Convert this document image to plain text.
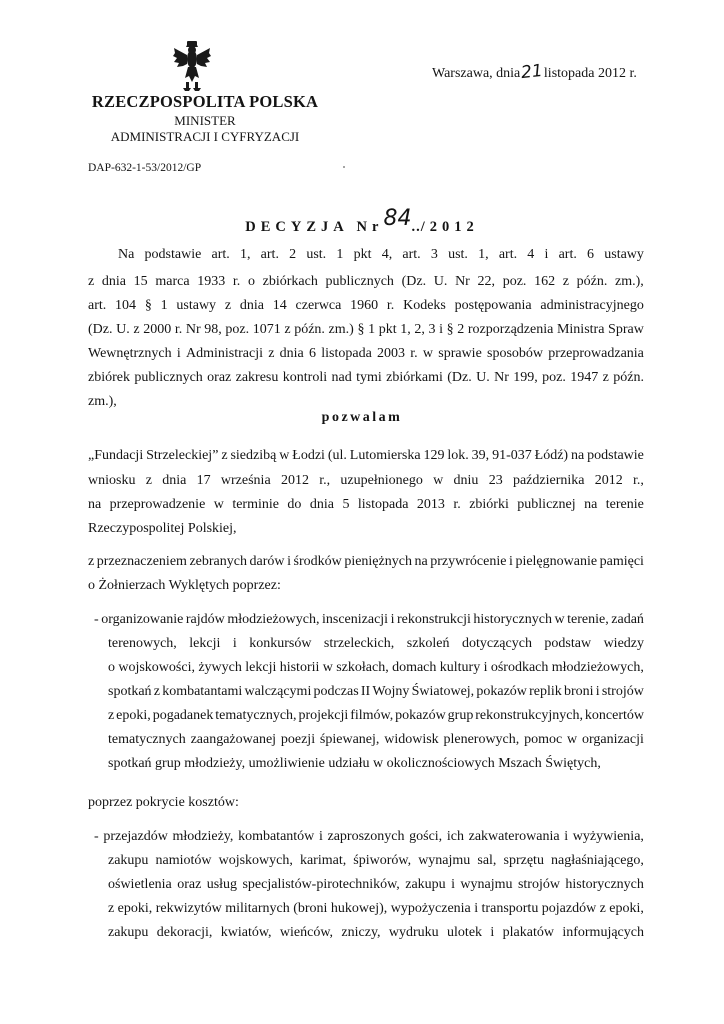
RZECZPOSPOLITA POLSKA
MINISTER
ADMINISTRACJI I CYFRYZACJI
DAP-632-1-53/2012/GP
Warszawa, dnia21listopada 2012 r.
DECYZJA Nr84../2012
Na podstawie art. 1, art. 2 ust. 1 pkt 4, art. 3 ust. 1, art. 4 i art. 6 ustawy
z dnia 15 marca 1933 r. o zbiórkach publicznych (Dz. U. Nr 22, poz. 162 z późn. zm.),
art. 104 § 1 ustawy z dnia 14 czerwca 1960 r. Kodeks postępowania administracyjnego
(Dz. U. z 2000 r. Nr 98, poz. 1071 z późn. zm.) § 1 pkt 1, 2, 3 i § 2 rozporządzenia Ministra Spraw
Wewnętrznych i Administracji z dnia 6 listopada 2003 r. w sprawie sposobów przeprowadzania
zbiórek publicznych oraz zakresu kontroli nad tymi zbiórkami (Dz. U. Nr 199, poz. 1947 z późn.
zm.),
pozwalam
„Fundacji Strzeleckiej” z siedzibą w Łodzi (ul. Lutomierska 129 lok. 39, 91-037 Łódź) na podstawie
wniosku z dnia 17 września 2012 r., uzupełnionego w dniu 23 października 2012 r.,
na przeprowadzenie w terminie do dnia 5 listopada 2013 r. zbiórki publicznej na terenie
Rzeczypospolitej Polskiej,
z przeznaczeniem zebranych darów i środków pieniężnych na przywrócenie i pielęgnowanie pamięci
o Żołnierzach Wyklętych poprzez:
- organizowanie rajdów młodzieżowych, inscenizacji i rekonstrukcji historycznych w terenie, zadań
terenowych, lekcji i konkursów strzeleckich, szkoleń dotyczących podstaw wiedzy
o wojskowości, żywych lekcji historii w szkołach, domach kultury i ośrodkach młodzieżowych,
spotkań z kombatantami walczącymi podczas II Wojny Światowej, pokazów replik broni i strojów
z epoki, pogadanek tematycznych, projekcji filmów, pokazów grup rekonstrukcyjnych, koncertów
tematycznych zaangażowanej poezji śpiewanej, widowisk plenerowych, pomoc w organizacji
spotkań grup młodzieży, umożliwienie udziału w okolicznościowych Mszach Świętych,
poprzez pokrycie kosztów:
- przejazdów młodzieży, kombatantów i zaproszonych gości, ich zakwaterowania i wyżywienia,
zakupu namiotów wojskowych, karimat, śpiworów, wynajmu sal, sprzętu nagłaśniającego,
oświetlenia oraz usług specjalistów-pirotechników, zakupu i wynajmu strojów historycznych
z epoki, rekwizytów militarnych (broni hukowej), wypożyczenia i transportu pojazdów z epoki,
zakupu dekoracji, kwiatów, wieńców, zniczy, wydruku ulotek i plakatów informujących
